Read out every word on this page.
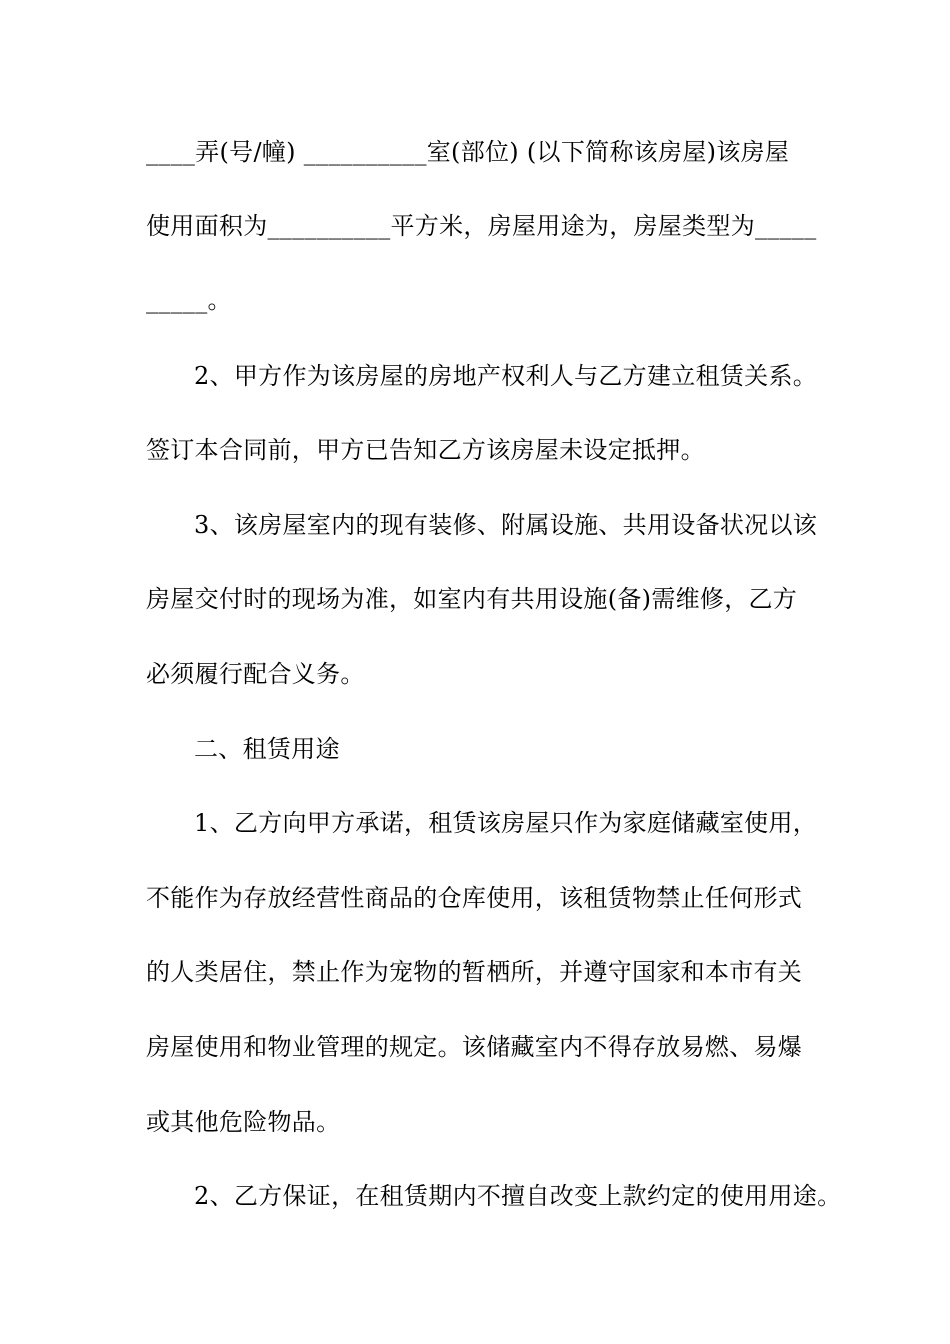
____弄(号/幢) __________室(部位) (以下简称该房屋)该房屋
使用面积为__________平方米，房屋用途为，房屋类型为_____
_____。
2、甲方作为该房屋的房地产权利人与乙方建立租赁关系。
签订本合同前，甲方已告知乙方该房屋未设定抵押。
3、该房屋室内的现有装修、附属设施、共用设备状况以该
房屋交付时的现场为准，如室内有共用设施(备)需维修，乙方
必须履行配合义务。
二、租赁用途
1、乙方向甲方承诺，租赁该房屋只作为家庭储藏室使用，
不能作为存放经营性商品的仓库使用，该租赁物禁止任何形式
的人类居住，禁止作为宠物的暂栖所，并遵守国家和本市有关
房屋使用和物业管理的规定。该储藏室内不得存放易燃、易爆
或其他危险物品。
2、乙方保证，在租赁期内不擅自改变上款约定的使用用途。
